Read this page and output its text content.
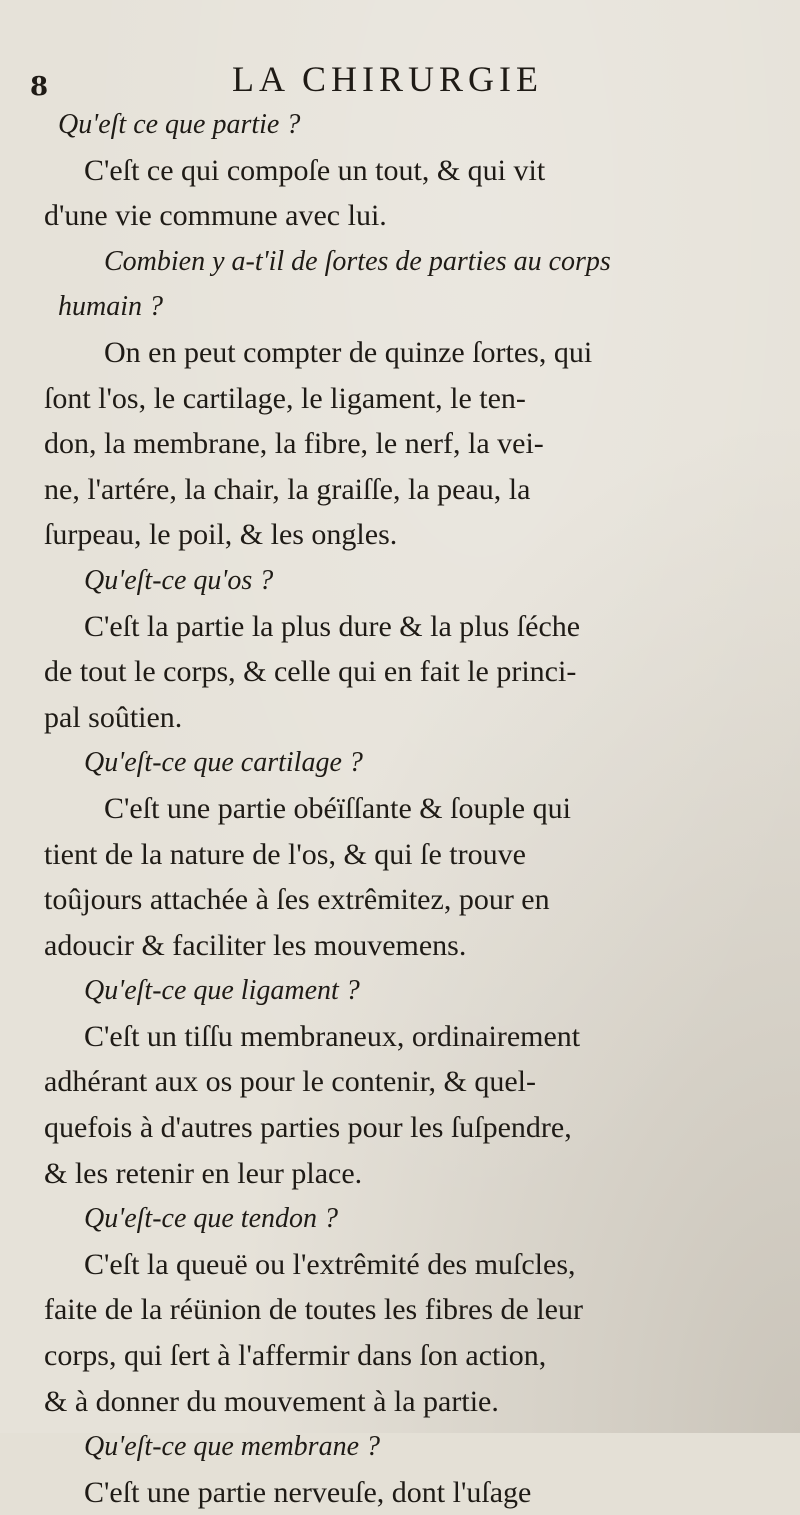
8	LA CHIRURGIE
Qu'eſt ce que partie ?
C'eſt ce qui compoſe un tout, & qui vit
d'une vie commune avec lui.
Combien y a-t'il de ſortes de parties au corps
humain ?
On en peut compter de quinze ſortes, qui
ſont l'os, le cartilage, le ligament, le ten-
don, la membrane, la fibre, le nerf, la vei-
ne, l'artére, la chair, la graiſſe, la peau, la
ſurpeau, le poil, & les ongles.
Qu'eſt-ce qu'os ?
C'eſt la partie la plus dure & la plus ſéche
de tout le corps, & celle qui en fait le princi-
pal soûtien.
Qu'eſt-ce que cartilage ?
C'eſt une partie obéïſſante & ſouple qui
tient de la nature de l'os, & qui ſe trouve
toûjours attachée à ſes extrêmitez, pour en
adoucir & faciliter les mouvemens.
Qu'eſt-ce que ligament ?
C'eſt un tiſſu membraneux, ordinairement
adhérant aux os pour le contenir, & quel-
quefois à d'autres parties pour les ſuſpendre,
& les retenir en leur place.
Qu'eſt-ce que tendon ?
C'eſt la queuë ou l'extrêmité des muſcles,
faite de la réünion de toutes les fibres de leur
corps, qui ſert à l'affermir dans ſon action,
& à donner du mouvement à la partie.
Qu'eſt-ce que membrane ?
C'eſt une partie nerveuſe, dont l'uſage
